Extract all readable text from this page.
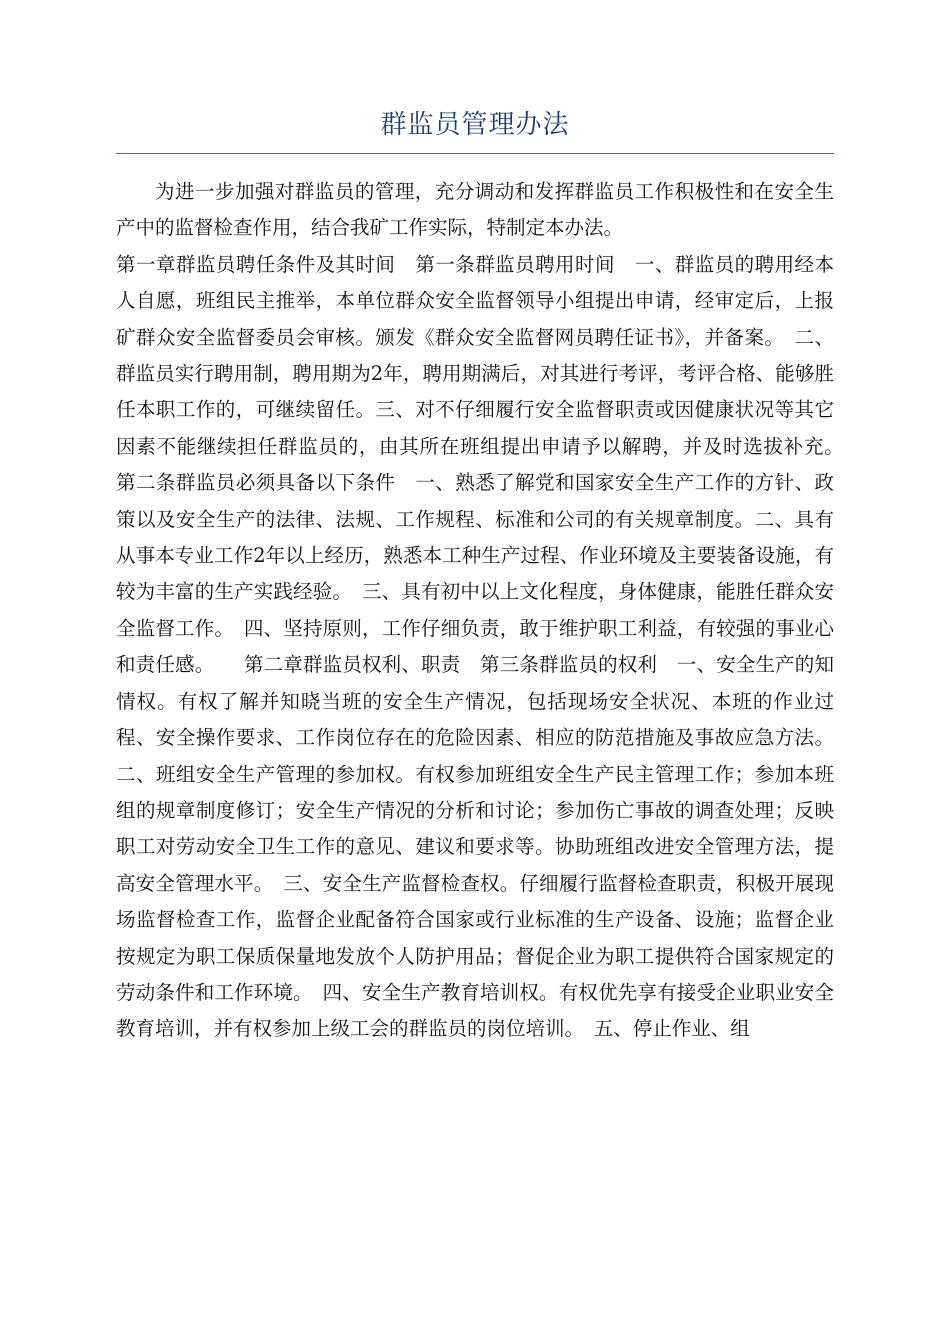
群监员管理办法

为进一步加强对群监员的管理，充分调动和发挥群监员工作积极性和在安全生产中的监督检查作用，结合我矿工作实际，特制定本办法。

第一章群监员聘任条件及其时间　第一条群监员聘用时间　一、群监员的聘用经本人自愿，班组民主推举，本单位群众安全监督领导小组提出申请，经审定后，上报矿群众安全监督委员会审核。颁发《群众安全监督网员聘任证书》，并备案。　二、群监员实行聘用制，聘用期为2年，聘用期满后，对其进行考评，考评合格、能够胜任本职工作的，可继续留任。三、对不仔细履行安全监督职责或因健康状况等其它因素不能继续担任群监员的，由其所在班组提出申请予以解聘，并及时选拔补充。　第二条群监员必须具备以下条件　一、熟悉了解党和国家安全生产工作的方针、政策以及安全生产的法律、法规、工作规程、标准和公司的有关规章制度。二、具有从事本专业工作2年以上经历，熟悉本工种生产过程、作业环境及主要装备设施，有较为丰富的生产实践经验。　三、具有初中以上文化程度，身体健康，能胜任群众安全监督工作。　四、坚持原则，工作仔细负责，敢于维护职工利益，有较强的事业心和责任感。　　第二章群监员权利、职责　第三条群监员的权利　一、安全生产的知情权。有权了解并知晓当班的安全生产情况，包括现场安全状况、本班的作业过程、安全操作要求、工作岗位存在的危险因素、相应的防范措施及事故应急方法。二、班组安全生产管理的参加权。有权参加班组安全生产民主管理工作；参加本班组的规章制度修订；安全生产情况的分析和讨论；参加伤亡事故的调查处理；反映职工对劳动安全卫生工作的意见、建议和要求等。协助班组改进安全管理方法，提高安全管理水平。　三、安全生产监督检查权。仔细履行监督检查职责，积极开展现场监督检查工作，监督企业配备符合国家或行业标准的生产设备、设施；监督企业按规定为职工保质保量地发放个人防护用品；督促企业为职工提供符合国家规定的劳动条件和工作环境。　四、安全生产教育培训权。有权优先享有接受企业职业安全教育培训，并有权参加上级工会的群监员的岗位培训。　五、停止作业、组
